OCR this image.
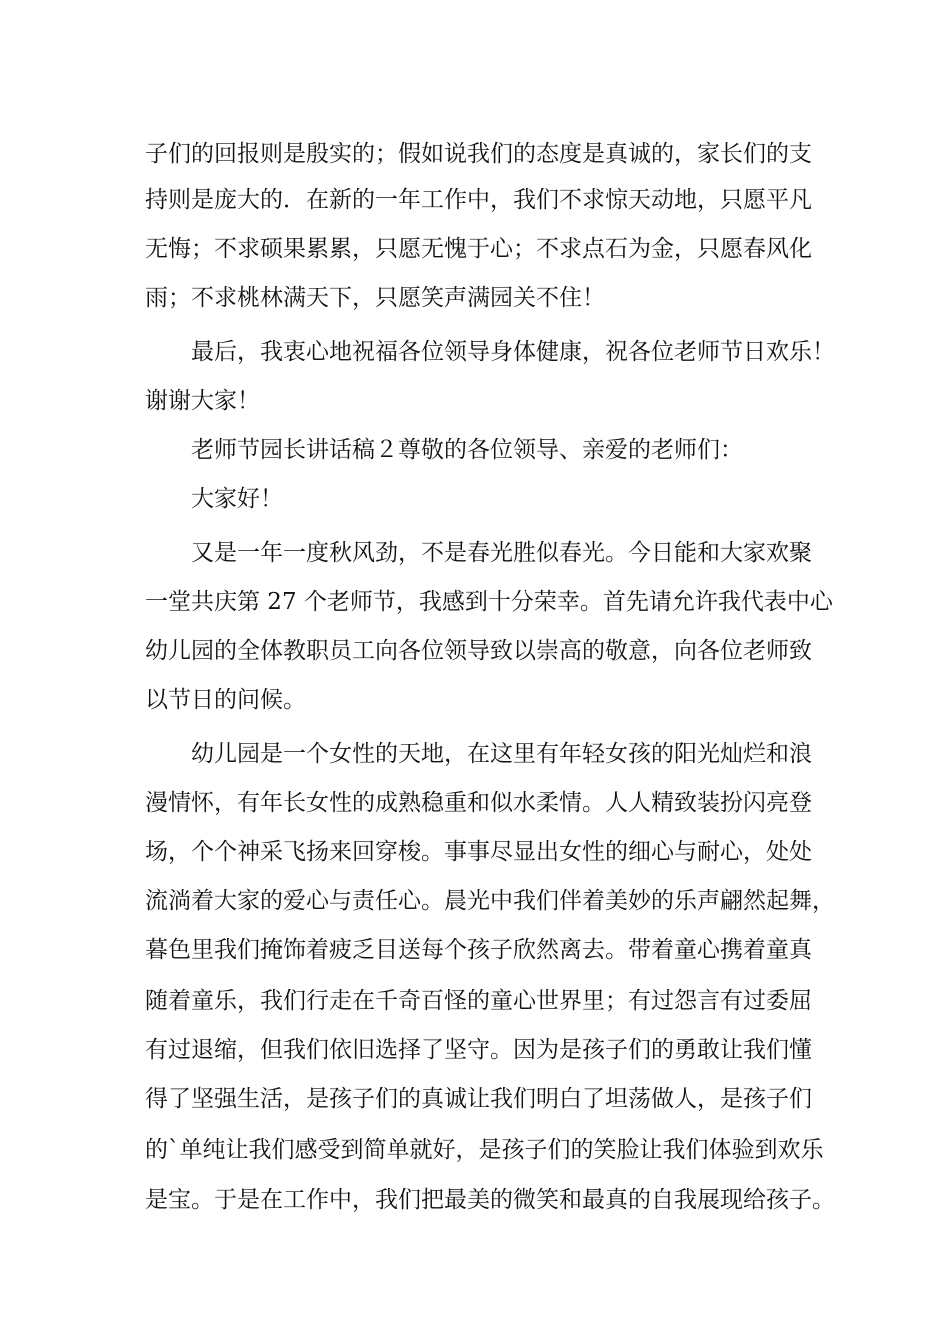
子们的回报则是殷实的；假如说我们的态度是真诚的，家长们的支
持则是庞大的．在新的一年工作中，我们不求惊天动地，只愿平凡
无悔；不求硕果累累，只愿无愧于心；不求点石为金，只愿春风化
雨；不求桃林满天下，只愿笑声满园关不住！
最后，我衷心地祝福各位领导身体健康，祝各位老师节日欢乐！
谢谢大家！
老师节园长讲话稿２尊敬的各位领导、亲爱的老师们：
大家好！
又是一年一度秋风劲，不是春光胜似春光。今日能和大家欢聚
一堂共庆第 27 个老师节，我感到十分荣幸。首先请允许我代表中心
幼儿园的全体教职员工向各位领导致以崇高的敬意，向各位老师致
以节日的问候。
幼儿园是一个女性的天地，在这里有年轻女孩的阳光灿烂和浪
漫情怀，有年长女性的成熟稳重和似水柔情。人人精致装扮闪亮登
场，个个神采飞扬来回穿梭。事事尽显出女性的细心与耐心，处处
流淌着大家的爱心与责任心。晨光中我们伴着美妙的乐声翩然起舞，
暮色里我们掩饰着疲乏目送每个孩子欣然离去。带着童心携着童真
随着童乐，我们行走在千奇百怪的童心世界里；有过怨言有过委屈
有过退缩，但我们依旧选择了坚守。因为是孩子们的勇敢让我们懂
得了坚强生活，是孩子们的真诚让我们明白了坦荡做人，是孩子们
的`单纯让我们感受到简单就好，是孩子们的笑脸让我们体验到欢乐
是宝。于是在工作中，我们把最美的微笑和最真的自我展现给孩子。
